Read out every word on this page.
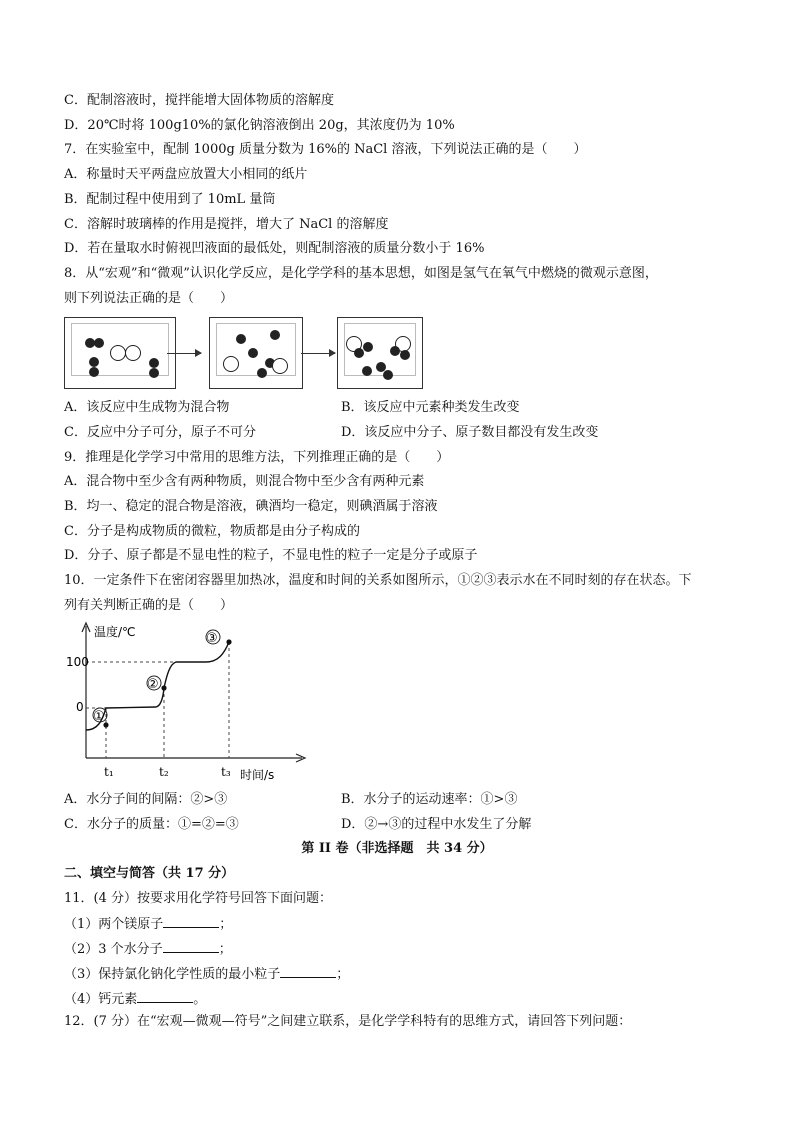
C．配制溶液时，搅拌能增大固体物质的溶解度
D．20℃时将 100g10%的氯化钠溶液倒出 20g，其浓度仍为 10%
7．在实验室中，配制 1000g 质量分数为 16%的 NaCl 溶液，下列说法正确的是（　　）
A．称量时天平两盘应放置大小相同的纸片
B．配制过程中使用到了 10mL 量筒
C．溶解时玻璃棒的作用是搅拌，增大了 NaCl 的溶解度
D．若在量取水时俯视凹液面的最低处，则配制溶液的质量分数小于 16%
8．从“宏观”和“微观”认识化学反应，是化学学科的基本思想，如图是氢气在氧气中燃烧的微观示意图，
则下列说法正确的是（　　）
A．该反应中生成物为混合物	B．该反应中元素种类发生改变
C．反应中分子可分，原子不可分	D．该反应中分子、原子数目都没有发生改变
9．推理是化学学习中常用的思维方法，下列推理正确的是（　　）
A．混合物中至少含有两种物质，则混合物中至少含有两种元素
B．均一、稳定的混合物是溶液，碘酒均一稳定，则碘酒属于溶液
C．分子是构成物质的微粒，物质都是由分子构成的
D．分子、原子都是不显电性的粒子，不显电性的粒子一定是分子或原子
10．一定条件下在密闭容器里加热冰，温度和时间的关系如图所示，①②③表示水在不同时刻的存在状态。下
列有关判断正确的是（　　）
温度/℃
时间/s
100
0
t₁	t₂	t₃
①
②
③
A．水分子间的间隔：②>③	B．水分子的运动速率：①>③
C．水分子的质量：①=②=③	D．②→③的过程中水发生了分解
第 II 卷（非选择题　共 34 分）
二、填空与简答（共 17 分）
11．(4 分）按要求用化学符号回答下面问题：
（1）两个镁原子	；
（2）3 个水分子	；
（3）保持氯化钠化学性质的最小粒子	；
（4）钙元素	。
12．(7 分）在“宏观—微观—符号”之间建立联系，是化学学科特有的思维方式，请回答下列问题：
